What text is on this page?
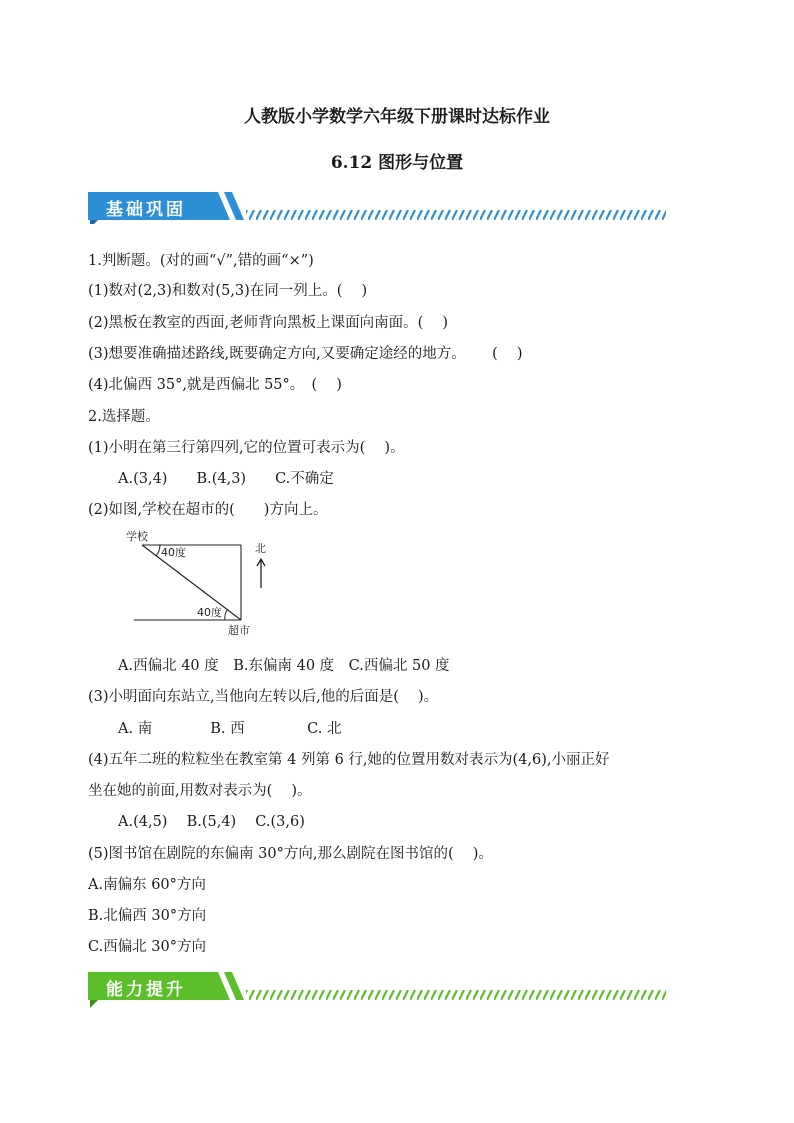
人教版小学数学六年级下册课时达标作业
6.12 图形与位置
基础巩固
1.判断题。(对的画“√”,错的画“×”)
(1)数对(2,3)和数对(5,3)在同一列上。(　 )
(2)黑板在教室的西面,老师背向黑板上课面向南面。(　 )
(3)想要准确描述路线,既要确定方向,又要确定途经的地方。　　 (　 )
(4)北偏西 35°,就是西偏北 55°。　(　 )
2.选择题。
(1)小明在第三行第四列,它的位置可表示为(　 )。
A.(3,4)　　B.(4,3)　　C.不确定
(2)如图,学校在超市的(　　)方向上。
学校
40度
40度
超市
北
A.西偏北 40 度　B.东偏南 40 度　C.西偏北 50 度
(3)小明面向东站立,当他向左转以后,他的后面是(　 )。
A. 南　　　　B. 西　　　　 C. 北
(4)五年二班的粒粒坐在教室第 4 列第 6 行,她的位置用数对表示为(4,6),小丽正好
坐在她的前面,用数对表示为(　 )。
A.(4,5)　 B.(5,4)　 C.(3,6)
(5)图书馆在剧院的东偏南 30°方向,那么剧院在图书馆的(　 )。
A.南偏东 60°方向
B.北偏西 30°方向
C.西偏北 30°方向
能力提升
